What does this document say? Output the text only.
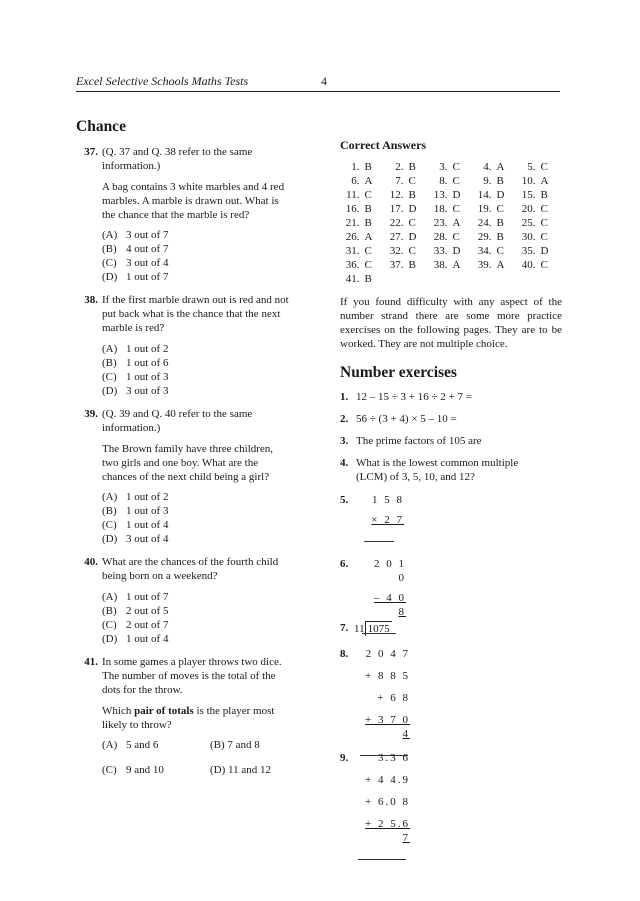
Excel Selective Schools Maths Tests	4
Chance
37. (Q. 37 and Q. 38 refer to the same
information.)

A bag contains 3 white marbles and 4 red
marbles. A marble is drawn out. What is
the chance that the marble is red?

(A) 3 out of 7
(B) 4 out of 7
(C) 3 out of 4
(D) 1 out of 7
38. If the first marble drawn out is red and not
put back what is the chance that the next
marble is red?

(A) 1 out of 2
(B) 1 out of 6
(C) 1 out of 3
(D) 3 out of 3
39. (Q. 39 and Q. 40 refer to the same
information.)

The Brown family have three children,
two girls and one boy. What are the
chances of the next child being a girl?

(A) 1 out of 2
(B) 1 out of 3
(C) 1 out of 4
(D) 3 out of 4
40. What are the chances of the fourth child
being born on a weekend?

(A) 1 out of 7
(B) 2 out of 5
(C) 2 out of 7
(D) 1 out of 4
41. In some games a player throws two dice.
The number of moves is the total of the
dots for the throw.

Which pair of totals is the player most
likely to throw?

(A) 5 and 6	(B) 7 and 8
(C) 9 and 10	(D) 11 and 12
Correct Answers
1. B	2. B	3. C	4. A	5. C
6. A	7. C	8. C	9. B	10. A
11. C	12. B	13. D	14. D	15. B
16. B	17. D	18. C	19. C	20. C
21. B	22. C	23. A	24. B	25. C
26. A	27. D	28. C	29. B	30. C
31. C	32. C	33. D	34. C	35. D
36. C	37. B	38. A	39. A	40. C
41. B

If you found difficulty with any aspect of the number strand there are some more practice exercises on the following pages. They are to be worked. They are not multiple choice.

Number exercises
1. 12 – 15 ÷ 3 + 16 ÷ 2 + 7 =
2. 56 ÷ (3 + 4) × 5 – 10 =
3. The prime factors of 105 are
4. What is the lowest common multiple
(LCM) of 3, 5, 10, and 12?
5.	1 5 8
× 2 7
6.	2 0 1 0
– 4 0 8
7. 11 1075
8.	2 0 4 7
+ 8 8 5
+ 6 8
+ 3 7 0 4
9.	3.3 6
+ 4 4.9
+ 6.0 8
+ 2 5.6 7
